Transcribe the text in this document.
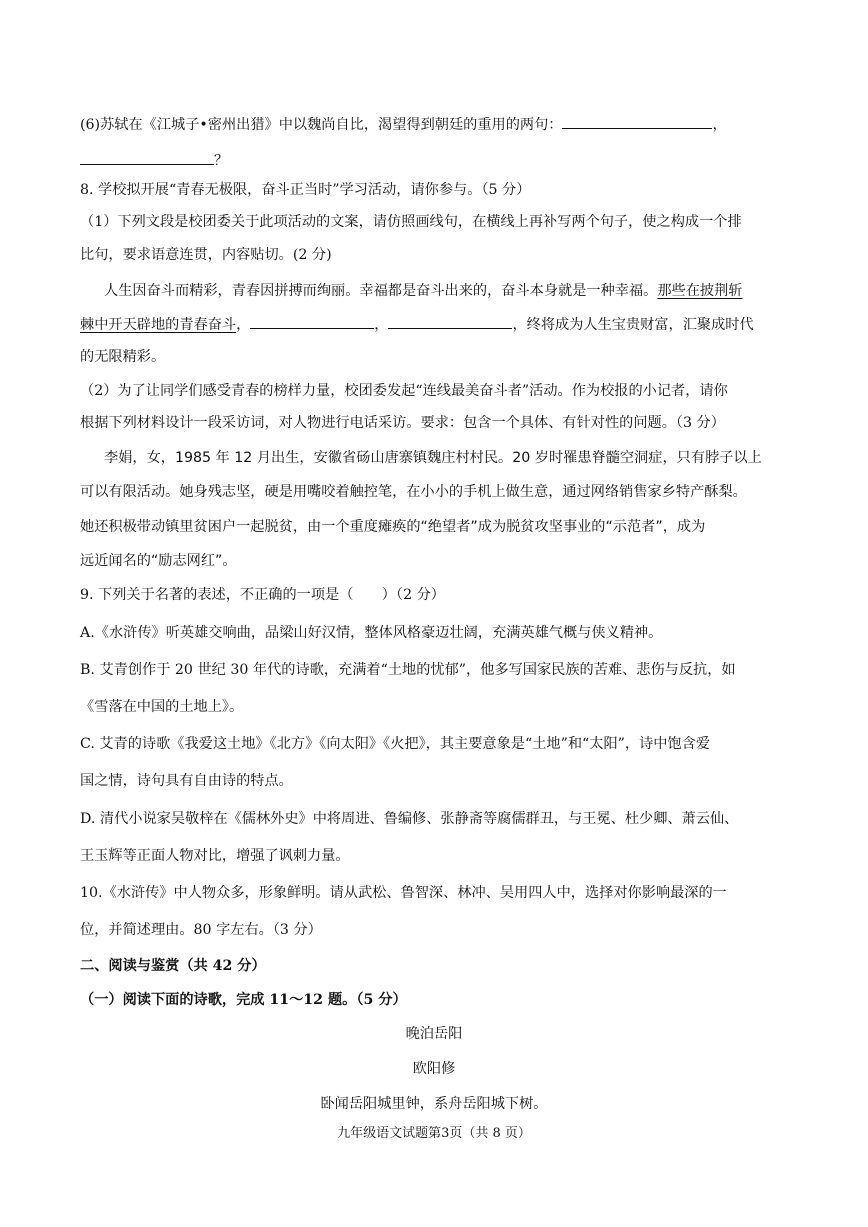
(6)苏轼在《江城子•密州出猎》中以魏尚自比，渴望得到朝廷的重用的两句：	，
？
8. 学校拟开展“青春无极限，奋斗正当时”学习活动，请你参与。（5 分）
（1）下列文段是校团委关于此项活动的文案，请仿照画线句，在横线上再补写两个句子，使之构成一个排
比句，要求语意连贯，内容贴切。(2 分)
人生因奋斗而精彩，青春因拼搏而绚丽。幸福都是奋斗出来的，奋斗本身就是一种幸福。那些在披荆斩
棘中开天辟地的青春奋斗，	，	，终将成为人生宝贵财富，汇聚成时代
的无限精彩。
（2）为了让同学们感受青春的榜样力量，校团委发起“连线最美奋斗者”活动。作为校报的小记者，请你
根据下列材料设计一段采访词，对人物进行电话采访。要求：包含一个具体、有针对性的问题。（3 分）
李娟，女，1985 年 12 月出生，安徽省砀山唐寨镇魏庄村村民。20 岁时罹患脊髓空洞症，只有脖子以上
可以有限活动。她身残志坚，硬是用嘴咬着触控笔，在小小的手机上做生意，通过网络销售家乡特产酥梨。
她还积极带动镇里贫困户一起脱贫，由一个重度瘫痪的“绝望者”成为脱贫攻坚事业的“示范者”，成为
远近闻名的“励志网红”。
9. 下列关于名著的表述，不正确的一项是（　　）（2 分）
A.《水浒传》听英雄交响曲，品梁山好汉情，整体风格豪迈壮阔，充满英雄气概与侠义精神。
B. 艾青创作于 20 世纪 30 年代的诗歌，充满着“土地的忧郁”，他多写国家民族的苦难、悲伤与反抗，如
《雪落在中国的土地上》。
C. 艾青的诗歌《我爱这土地》《北方》《向太阳》《火把》，其主要意象是“土地”和“太阳”，诗中饱含爱
国之情，诗句具有自由诗的特点。
D. 清代小说家吴敬梓在《儒林外史》中将周进、鲁编修、张静斋等腐儒群丑，与王冕、杜少卿、萧云仙、
王玉辉等正面人物对比，增强了讽刺力量。
10.《水浒传》中人物众多，形象鲜明。请从武松、鲁智深、林冲、吴用四人中，选择对你影响最深的一
位，并简述理由。80 字左右。（3 分）
二、阅读与鉴赏（共 42 分）
（一）阅读下面的诗歌，完成 11～12 题。（5 分）
晚泊岳阳
欧阳修
卧闻岳阳城里钟，系舟岳阳城下树。
九年级语文试题第3页（共 8 页）
